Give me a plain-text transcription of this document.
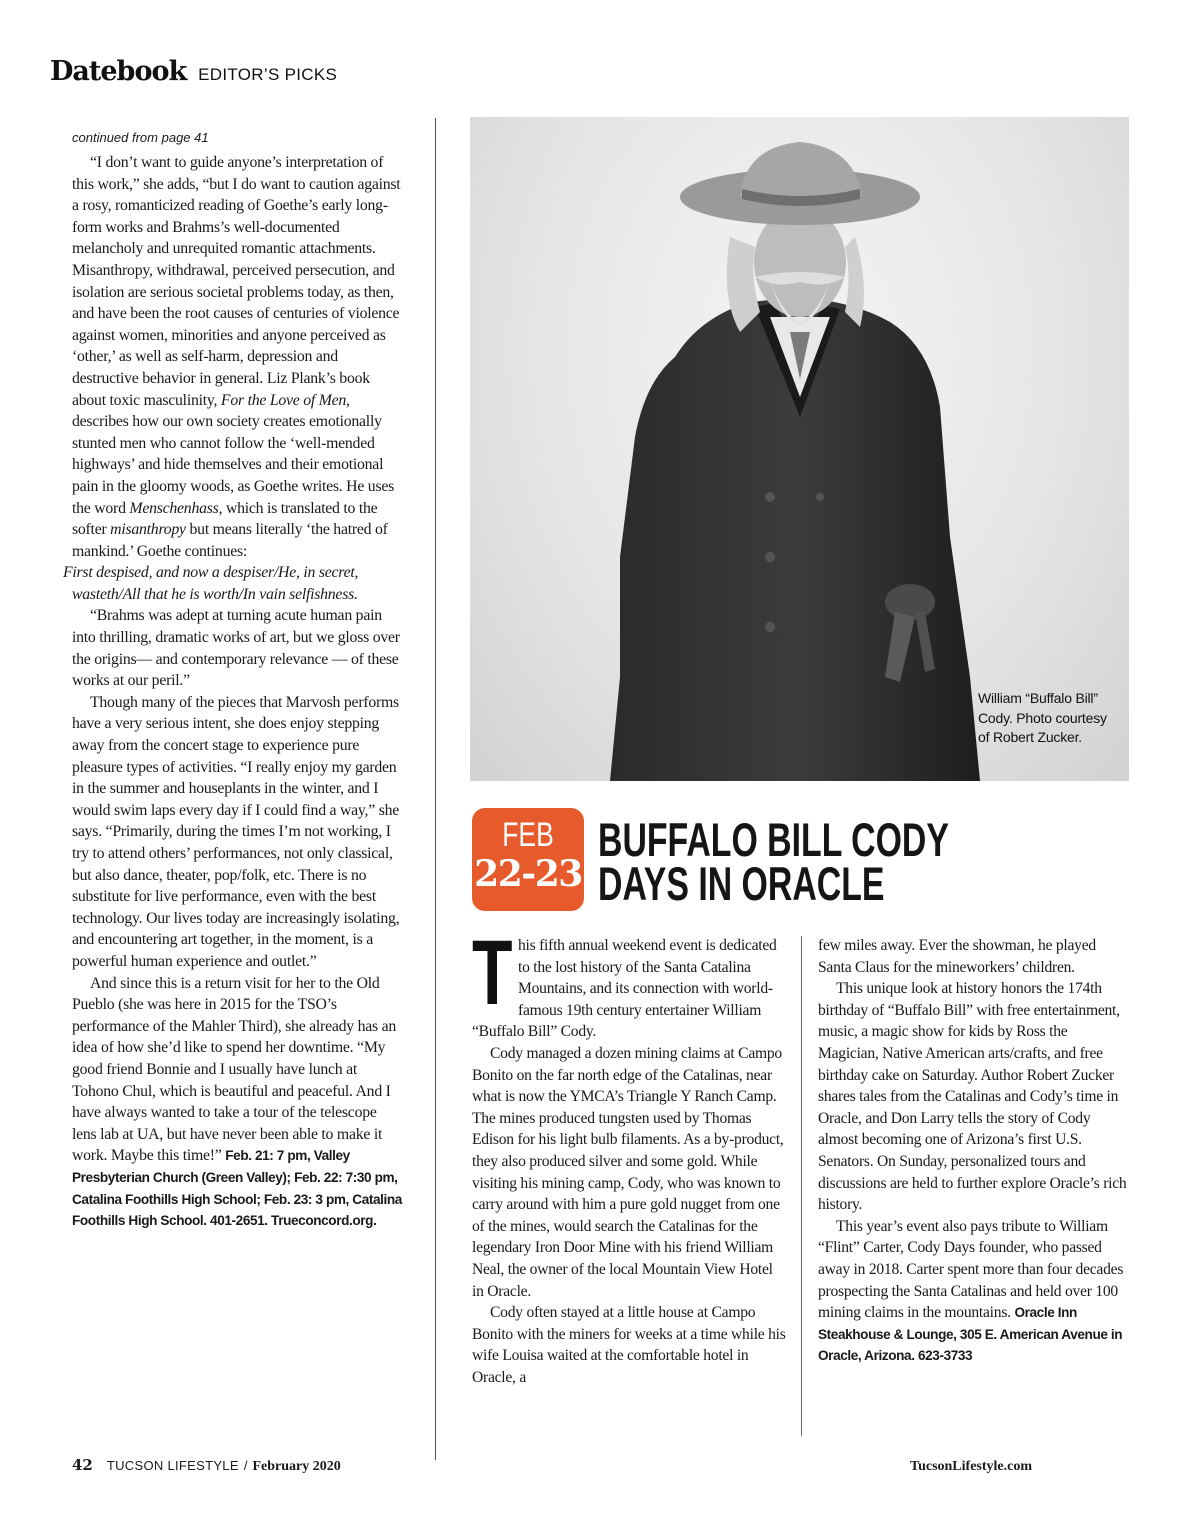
Datebook EDITOR’S PICKS

continued from page 41

“I don’t want to guide anyone’s interpretation of this work,” she adds, “but I do want to caution against a rosy, romanticized reading of Goethe’s early long-form works and Brahms’s well-documented melancholy and unrequited romantic attachments. Misanthropy, withdrawal, perceived persecution, and isolation are serious societal problems today, as then, and have been the root causes of centuries of violence against women, minorities and anyone perceived as ‘other,’ as well as self-harm, depression and destructive behavior in general. Liz Plank’s book about toxic masculinity, For the Love of Men, describes how our own society creates emotionally stunted men who cannot follow the ‘well-mended highways’ and hide themselves and their emotional pain in the gloomy woods, as Goethe writes. He uses the word Menschenhass, which is translated to the softer misanthropy but means literally ‘the hatred of mankind.’ Goethe continues:

First despised, and now a despiser/He, in secret, wasteth/All that he is worth/In vain selfishness.

“Brahms was adept at turning acute human pain into thrilling, dramatic works of art, but we gloss over the origins— and contemporary relevance — of these works at our peril.”

Though many of the pieces that Marvosh performs have a very serious intent, she does enjoy stepping away from the concert stage to experience pure pleasure types of activities. “I really enjoy my garden in the summer and houseplants in the winter, and I would swim laps every day if I could find a way,” she says. “Primarily, during the times I’m not working, I try to attend others’ performances, not only classical, but also dance, theater, pop/folk, etc. There is no substitute for live performance, even with the best technology. Our lives today are increasingly isolating, and encountering art together, in the moment, is a powerful human experience and outlet.”

And since this is a return visit for her to the Old Pueblo (she was here in 2015 for the TSO’s performance of the Mahler Third), she already has an idea of how she’d like to spend her downtime. “My good friend Bonnie and I usually have lunch at Tohono Chul, which is beautiful and peaceful. And I have always wanted to take a tour of the telescope lens lab at UA, but have never been able to make it work. Maybe this time!” Feb. 21: 7 pm, Valley Presbyterian Church (Green Valley); Feb. 22: 7:30 pm, Catalina Foothills High School; Feb. 23: 3 pm, Catalina Foothills High School. 401-2651. Trueconcord.org.

William “Buffalo Bill” Cody. Photo courtesy of Robert Zucker.
FEB
22-23
BUFFALO BILL CODY
DAYS IN ORACLE

This fifth annual weekend event is dedicated to the lost history of the Santa Catalina Mountains, and its connection with world-famous 19th century entertainer William “Buffalo Bill” Cody.

Cody managed a dozen mining claims at Campo Bonito on the far north edge of the Catalinas, near what is now the YMCA’s Triangle Y Ranch Camp. The mines produced tungsten used by Thomas Edison for his light bulb filaments. As a by-product, they also produced silver and some gold. While visiting his mining camp, Cody, who was known to carry around with him a pure gold nugget from one of the mines, would search the Catalinas for the legendary Iron Door Mine with his friend William Neal, the owner of the local Mountain View Hotel in Oracle.

Cody often stayed at a little house at Campo Bonito with the miners for weeks at a time while his wife Louisa waited at the comfortable hotel in Oracle, a

few miles away. Ever the showman, he played Santa Claus for the mineworkers’ children.

This unique look at history honors the 174th birthday of “Buffalo Bill” with free entertainment, music, a magic show for kids by Ross the Magician, Native American arts/crafts, and free birthday cake on Saturday. Author Robert Zucker shares tales from the Catalinas and Cody’s time in Oracle, and Don Larry tells the story of Cody almost becoming one of Arizona’s first U.S. Senators. On Sunday, personalized tours and discussions are held to further explore Oracle’s rich history.

This year’s event also pays tribute to William “Flint” Carter, Cody Days founder, who passed away in 2018. Carter spent more than four decades prospecting the Santa Catalinas and held over 100 mining claims in the mountains. Oracle Inn Steakhouse & Lounge, 305 E. American Avenue in Oracle, Arizona. 623-3733

42 TUCSON LIFESTYLE / February 2020	TucsonLifestyle.com
